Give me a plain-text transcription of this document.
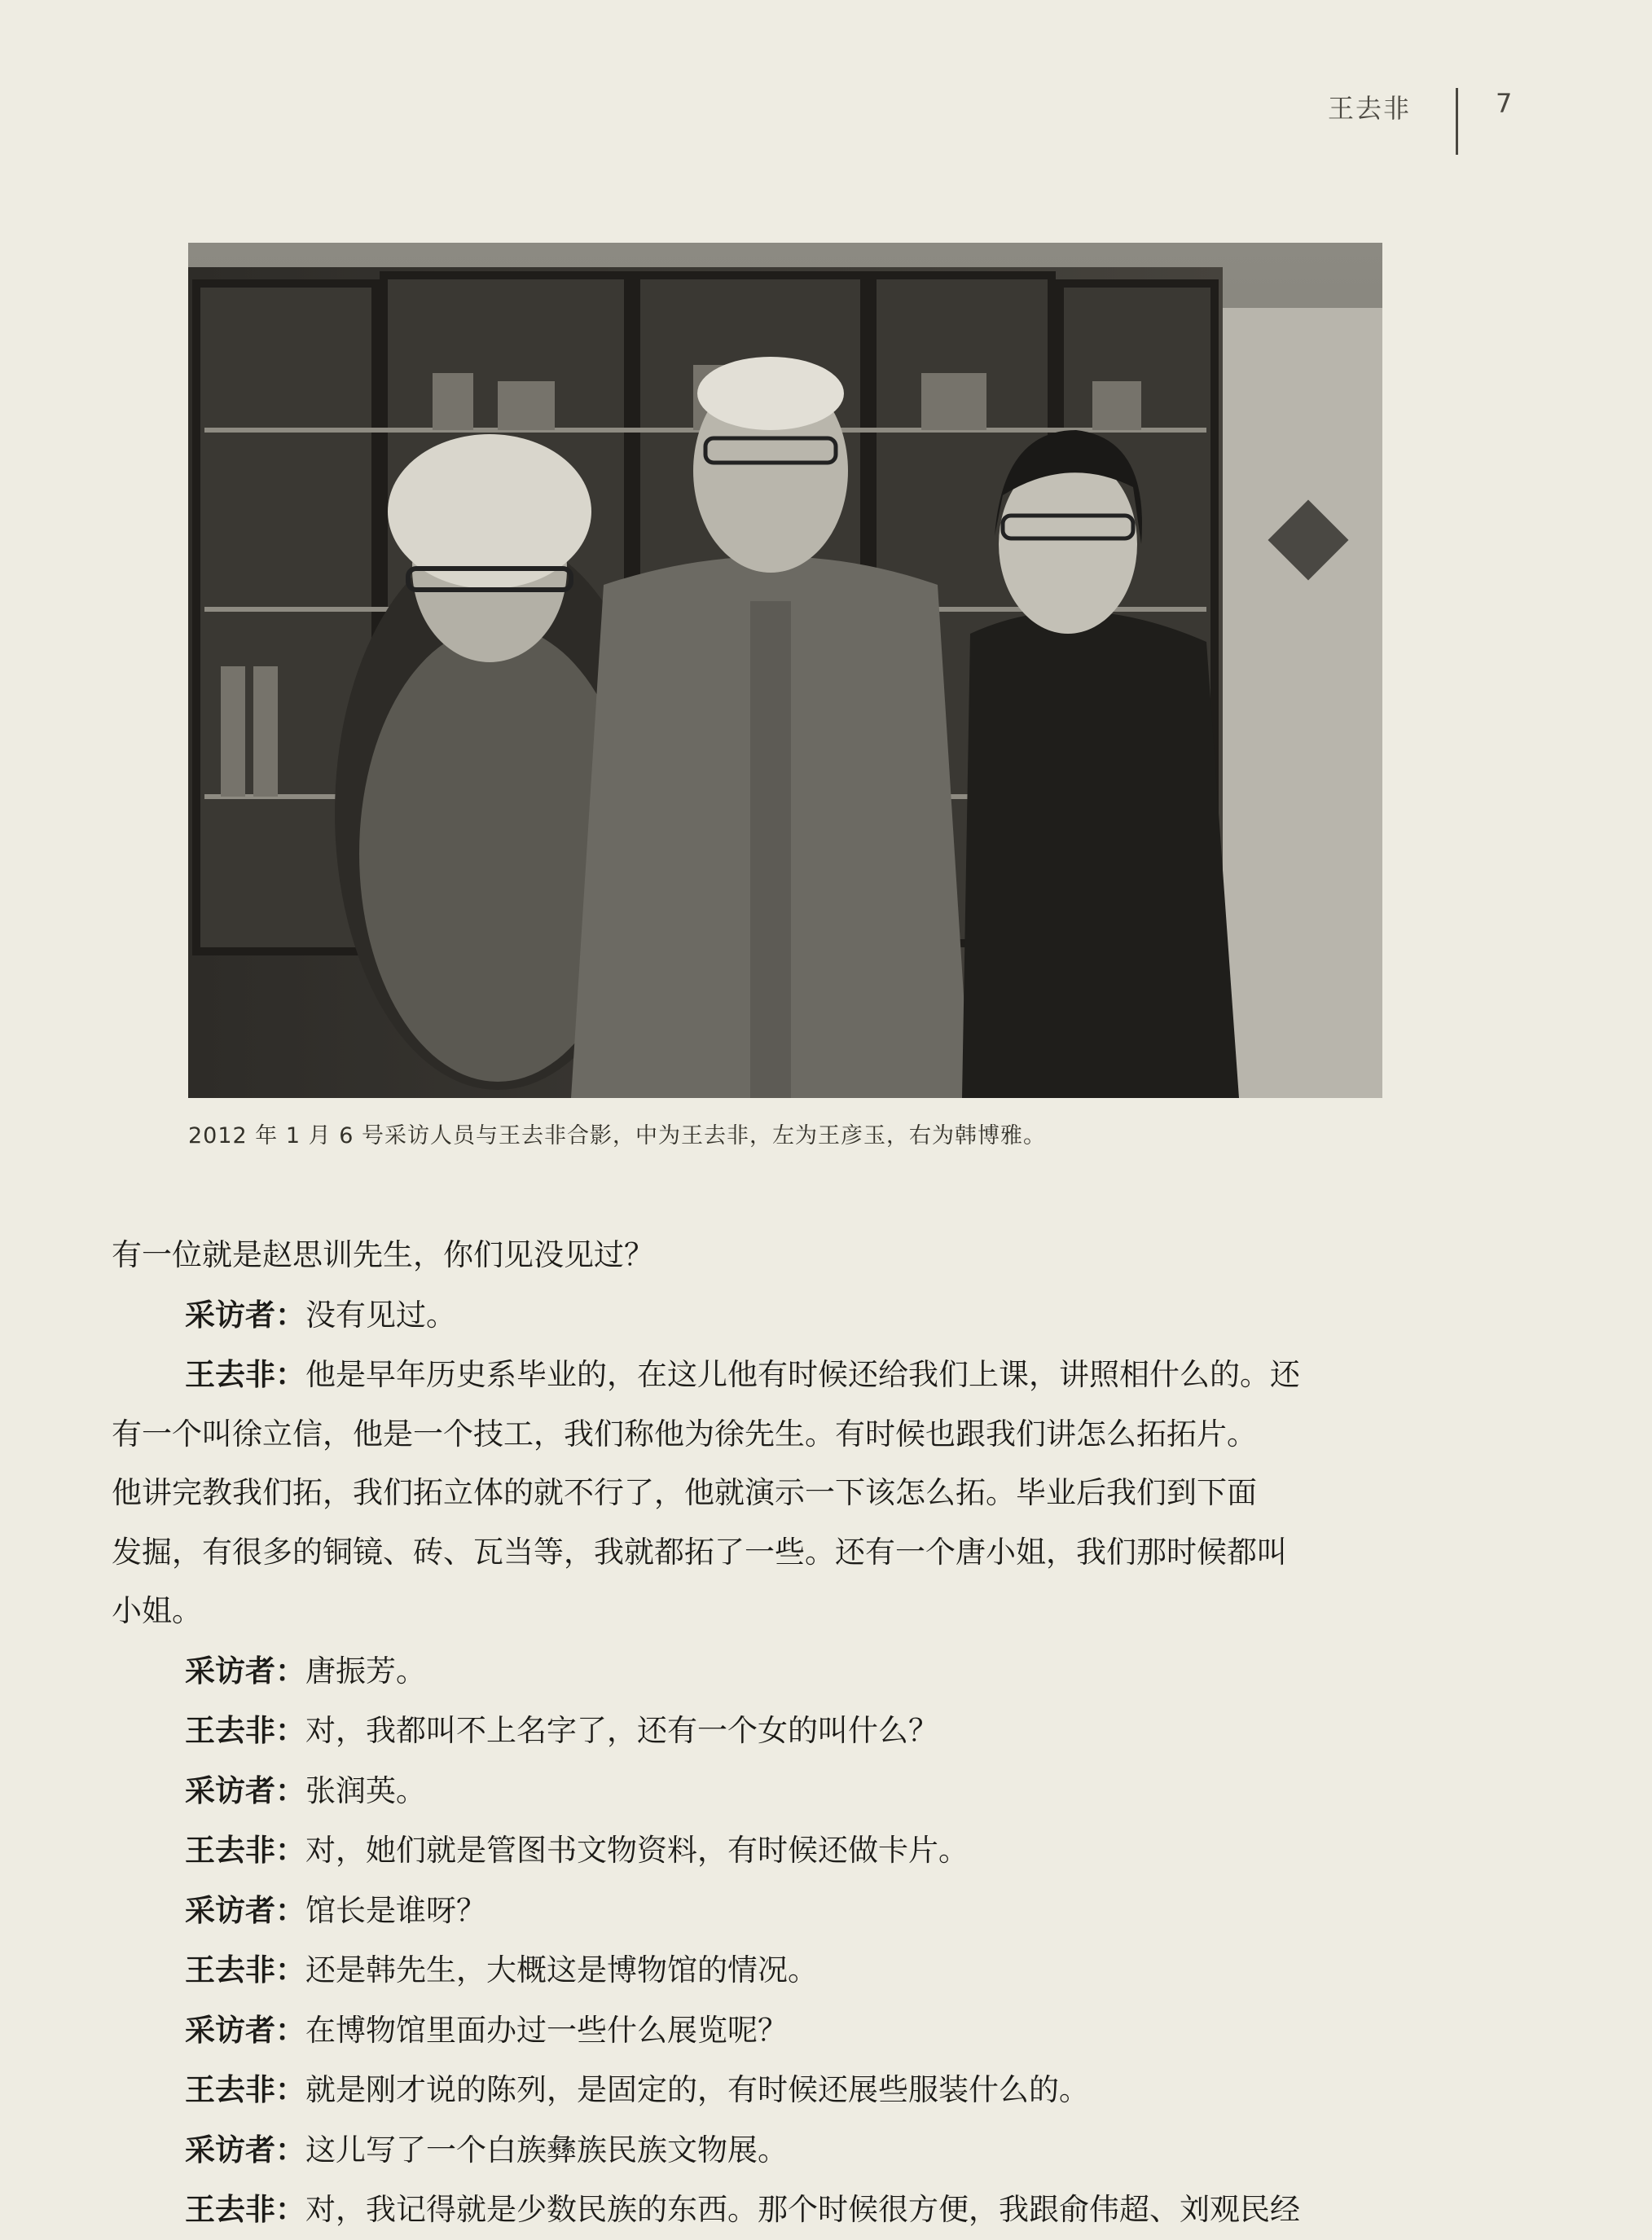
王去非	7
2012 年 1 月 6 号采访人员与王去非合影，中为王去非，左为王彦玉，右为韩博雅。

有一位就是赵思训先生，你们见没见过？

采访者：没有见过。

王去非：他是早年历史系毕业的，在这儿他有时候还给我们上课，讲照相什么的。还
有一个叫徐立信，他是一个技工，我们称他为徐先生。有时候也跟我们讲怎么拓拓片。
他讲完教我们拓，我们拓立体的就不行了，他就演示一下该怎么拓。毕业后我们到下面
发掘，有很多的铜镜、砖、瓦当等，我就都拓了一些。还有一个唐小姐，我们那时候都叫
小姐。

采访者：唐振芳。

王去非：对，我都叫不上名字了，还有一个女的叫什么？

采访者：张润英。

王去非：对，她们就是管图书文物资料，有时候还做卡片。

采访者：馆长是谁呀？

王去非：还是韩先生，大概这是博物馆的情况。

采访者：在博物馆里面办过一些什么展览呢？

王去非：就是刚才说的陈列，是固定的，有时候还展些服装什么的。

采访者：这儿写了一个白族彝族民族文物展。

王去非：对，我记得就是少数民族的东西。那个时候很方便，我跟俞伟超、刘观民经
